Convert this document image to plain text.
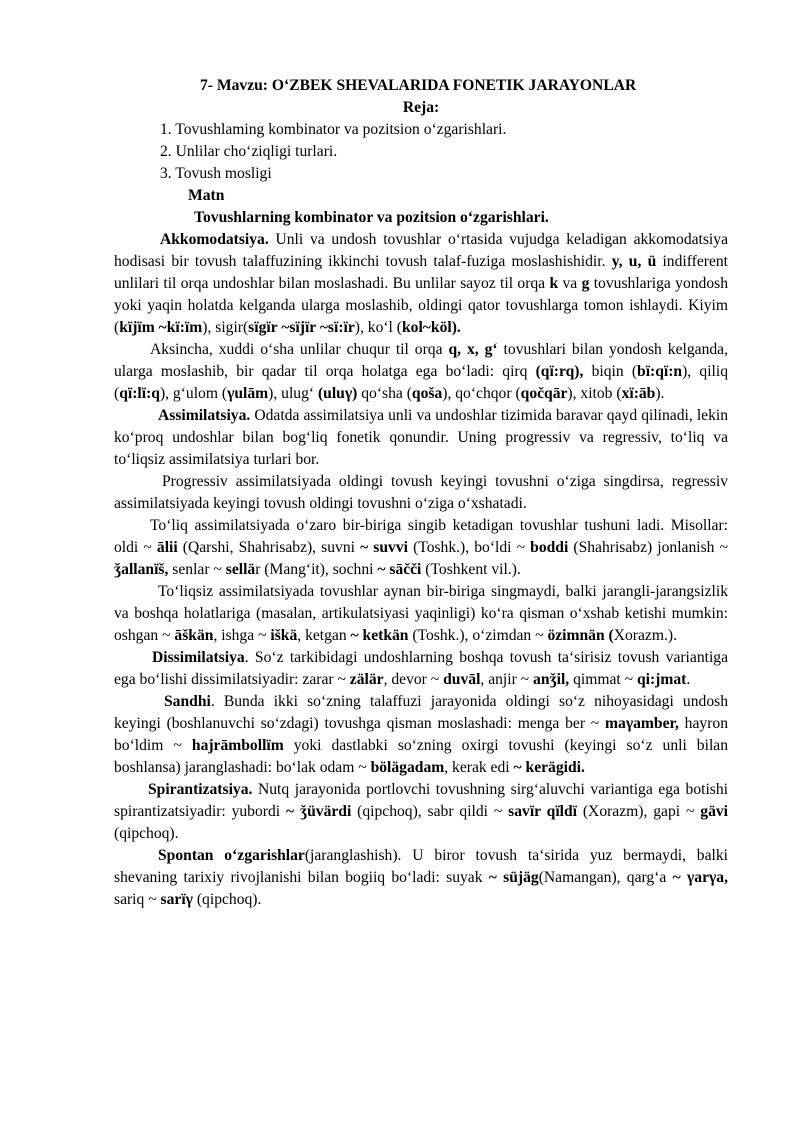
7- Mavzu: O‘ZBEK SHEVALARIDA FONETIK JARAYONLAR
Reja:
1. Tovushlaming kombinator va pozitsion o‘zgarishlari.
2. Unlilar cho‘ziqligi turlari.
3. Tovush mosligi
Matn
Tovushlarning kombinator va pozitsion o‘zgarishlari.

Akkomodatsiya. Unli va undosh tovushlar o‘rtasida vujudga keladigan akkomodatsiya hodisasi bir tovush talaffuzining ikkinchi tovush talaf-fuziga moslashishidir. y, u, ü indifferent unlilari til orqa undoshlar bilan moslashadi. Bu unlilar sayoz til orqa k va g tovushlariga yondosh yoki yaqin holatda kelganda ularga moslashib, oldingi qator tovushlarga tomon ishlaydi. Kiyim (kïjïm ~kï:ïm), sigir(sïgïr ~sïjïr ~sï:ïr), ko‘l (kol~köl).

Aksincha, xuddi o‘sha unlilar chuqur til orqa q, x, g‘ tovushlari bilan yondosh kelganda, ularga moslashib, bir qadar til orqa holatga ega bo‘ladi: qirq (qï:rq), biqin (bï:qï:n), qiliq (qï:lï:q), g‘ulom (γulām), ulug‘ (uluγ) qo‘sha (qoša), qo‘chqor (qočqār), xitob (xï:āb).

Assimilatsiya. Odatda assimilatsiya unli va undoshlar tizimida baravar qayd qilinadi, lekin ko‘proq undoshlar bilan bog‘liq fonetik qonundir. Uning progressiv va regressiv, to‘liq va to‘liqsiz assimilatsiya turlari bor.

Progressiv assimilatsiyada oldingi tovush keyingi tovushni o‘ziga singdirsa, regressiv assimilatsiyada keyingi tovush oldingi tovushni o‘ziga o‘xshatadi.

To‘liq assimilatsiyada o‘zaro bir-biriga singib ketadigan tovushlar tushuni ladi. Misollar: oldi ~ ālii (Qarshi, Shahrisabz), suvni ~ suvvi (Toshk.), bo‘ldi ~ boddi (Shahrisabz) jonlanish ~ ǯallanïš, senlar ~ sellär (Mang‘it), sochni ~ sāčči (Toshkent vil.).

To‘liqsiz assimilatsiyada tovushlar aynan bir-biriga singmaydi, balki jarangli-jarangsizlik va boshqa holatlariga (masalan, artikulatsiyasi yaqinligi) ko‘ra qisman o‘xshab ketishi mumkin: oshgan ~ āškän, ishga ~ iškä, ketgan ~ ketkän (Toshk.), o‘zimdan ~ özimnän (Xorazm.).

Dissimilatsiya. So‘z tarkibidagi undoshlarning boshqa tovush ta‘sirisiz tovush variantiga ega bo‘lishi dissimilatsiyadir: zarar ~ zälär, devor ~ duvāl, anjir ~ anǯil, qimmat ~ qi:jmat.

Sandhi. Bunda ikki so‘zning talaffuzi jarayonida oldingi so‘z nihoyasidagi undosh keyingi (boshlanuvchi so‘zdagi) tovushga qisman moslashadi: menga ber ~ maγamber, hayron bo‘ldim ~ hajrāmbollïm yoki dastlabki so‘zning oxirgi tovushi (keyingi so‘z unli bilan boshlansa) jaranglashadi: bo‘lak odam ~ bölägadam, kerak edi ~ kerägidi.

Spirantizatsiya. Nutq jarayonida portlovchi tovushning sirg‘aluvchi variantiga ega botishi spirantizatsiyadir: yubordi ~ ǯüvärdi (qipchoq), sabr qildi ~ savïr qïldï (Xorazm), gapi ~ gävi (qipchoq).

Spontan o‘zgarishlar(jaranglashish). U biror tovush ta‘sirida yuz bermaydi, balki shevaning tarixiy rivojlanishi bilan bogiiq bo‘ladi: suyak ~ süjäg(Namangan), qarg‘a ~ γarγa, sariq ~ sarïγ (qipchoq).
